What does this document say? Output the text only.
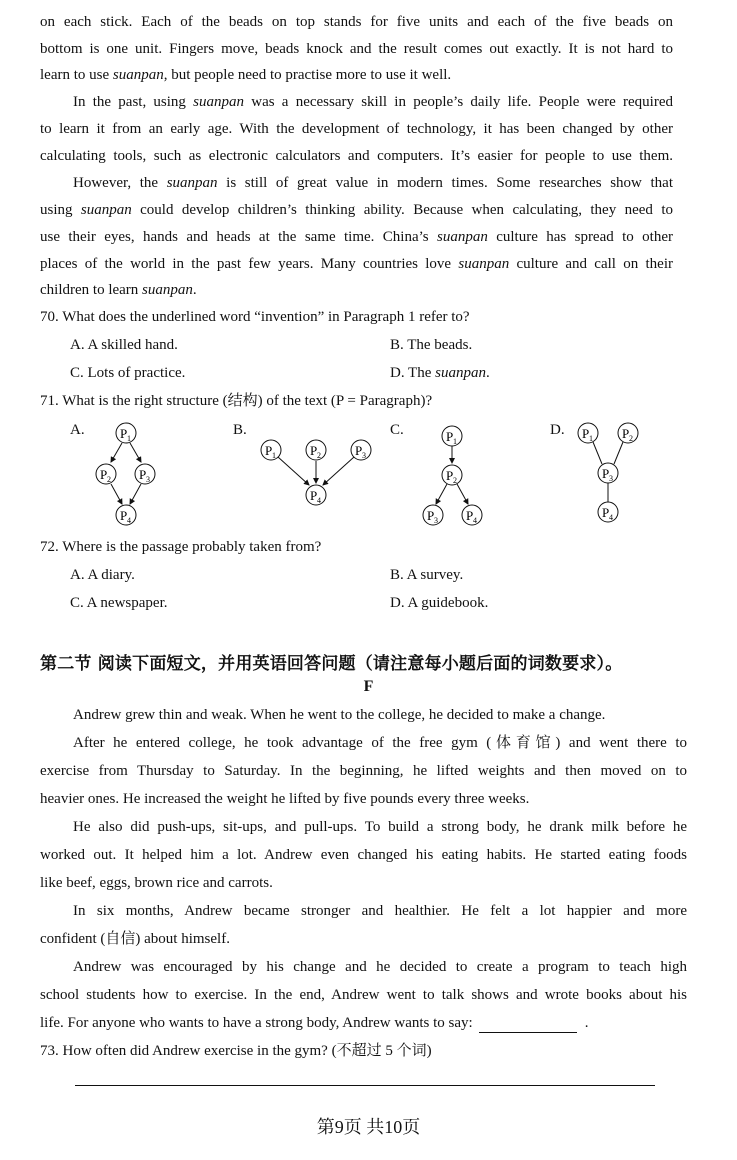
on each stick. Each of the beads on top stands for five units and each of the five beads on
bottom is one unit. Fingers move, beads knock and the result comes out exactly. It is not hard to
learn to use suanpan, but people need to practise more to use it well.
In the past, using suanpan was a necessary skill in people’s daily life. People were required
to learn it from an early age. With the development of technology, it has been changed by other
calculating tools, such as electronic calculators and computers. It’s easier for people to use them.
However, the suanpan is still of great value in modern times. Some researches show that
using suanpan could develop children’s thinking ability. Because when calculating, they need to
use their eyes, hands and heads at the same time. China’s suanpan culture has spread to other
places of the world in the past few years. Many countries love suanpan culture and call on their
children to learn suanpan.
70. What does the underlined word “invention” in Paragraph 1 refer to?
A. A skilled hand.	B. The beads.
C. Lots of practice.	D. The suanpan.
71. What is the right structure (结构) of the text (P = Paragraph)?
A.	B.	C.	D.
P 1
P 2 P 3
P 4
P 1	P 2	P 3
P 4
P 1
P 2
P 3 P 4
P 1 P 2
P 3
P 4
72. Where is the passage probably taken from?
A. A diary.	B. A survey.
C. A newspaper.	D. A guidebook.
第二节 阅读下面短文，并用英语回答问题（请注意每小题后面的词数要求）。
F
Andrew grew thin and weak. When he went to the college, he decided to make a change.
After he entered college, he took advantage of the free gym (体育馆) and went there to
exercise from Thursday to Saturday. In the beginning, he lifted weights and then moved on to
heavier ones. He increased the weight he lifted by five pounds every three weeks.
He also did push-ups, sit-ups, and pull-ups. To build a strong body, he drank milk before he
worked out. It helped him a lot. Andrew even changed his eating habits. He started eating foods
like beef, eggs, brown rice and carrots.
In six months, Andrew became stronger and healthier. He felt a lot happier and more
confident (自信) about himself.
Andrew was encouraged by his change and he decided to create a program to teach high
school students how to exercise. In the end, Andrew went to talk shows and wrote books about his
life. For anyone who wants to have a strong body, Andrew wants to say:	.
73. How often did Andrew exercise in the gym? (不超过 5 个词)
第9页 共10页
